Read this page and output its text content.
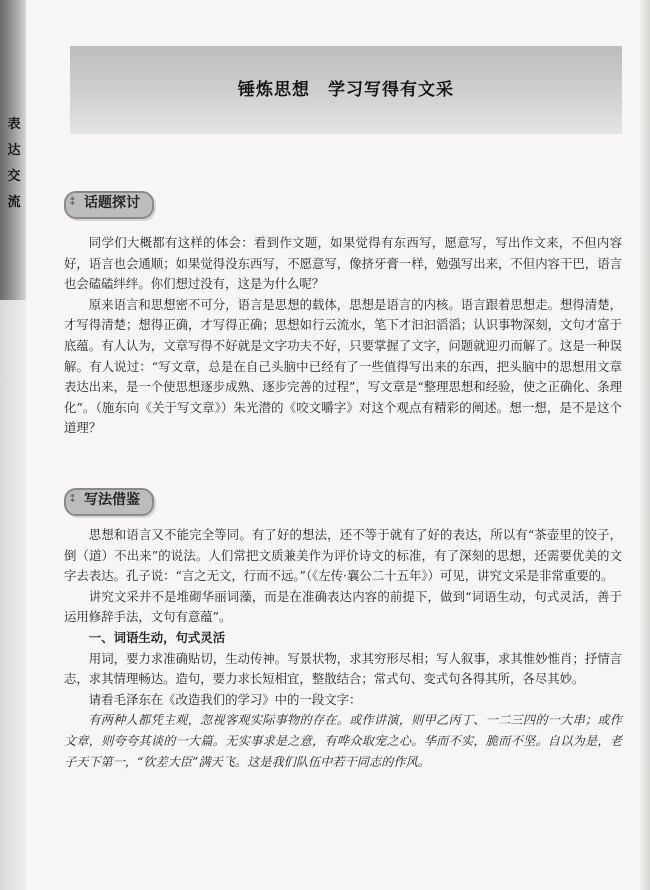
表
达
交
流
锤炼思想　学习写得有文采
⁑ 话题探讨

同学们大概都有这样的体会：看到作文题，如果觉得有东西写，愿意写，写出作文来，不但内容好，语言也会通顺；如果觉得没东西写，不愿意写，像挤牙膏一样，勉强写出来，不但内容干巴，语言也会磕磕绊绊。你们想过没有，这是为什么呢？

原来语言和思想密不可分，语言是思想的载体，思想是语言的内核。语言跟着思想走。想得清楚，才写得清楚；想得正确，才写得正确；思想如行云流水，笔下才汩汩滔滔；认识事物深刻，文句才富于底蕴。有人认为，文章写得不好就是文字功夫不好，只要掌握了文字，问题就迎刃而解了。这是一种误解。有人说过：“写文章，总是在自己头脑中已经有了一些值得写出来的东西，把头脑中的思想用文章表达出来，是一个使思想逐步成熟、逐步完善的过程”，写文章是“整理思想和经验，使之正确化、条理化”。（施东向《关于写文章》）朱光潜的《咬文嚼字》对这个观点有精彩的阐述。想一想，是不是这个道理？

⁑ 写法借鉴

思想和语言又不能完全等同。有了好的想法，还不等于就有了好的表达，所以有“茶壶里的饺子，倒（道）不出来”的说法。人们常把文质兼美作为评价诗文的标准，有了深刻的思想，还需要优美的文字去表达。孔子说：“言之无文，行而不远。”（《左传·襄公二十五年》）可见，讲究文采是非常重要的。

讲究文采并不是堆砌华丽词藻，而是在准确表达内容的前提下，做到“词语生动，句式灵活，善于运用修辞手法，文句有意蕴”。

一、词语生动，句式灵活

用词，要力求准确贴切，生动传神。写景状物，求其穷形尽相；写人叙事，求其惟妙惟肖；抒情言志，求其情理畅达。造句，要力求长短相宜，整散结合；常式句、变式句各得其所，各尽其妙。

请看毛泽东在《改造我们的学习》中的一段文字：

有两种人都凭主观，忽视客观实际事物的存在。或作讲演，则甲乙丙丁、一二三四的一大串；或作文章，则夸夸其谈的一大篇。无实事求是之意，有哗众取宠之心。华而不实，脆而不坚。自以为是，老子天下第一，“钦差大臣”满天飞。这是我们队伍中若干同志的作风。
